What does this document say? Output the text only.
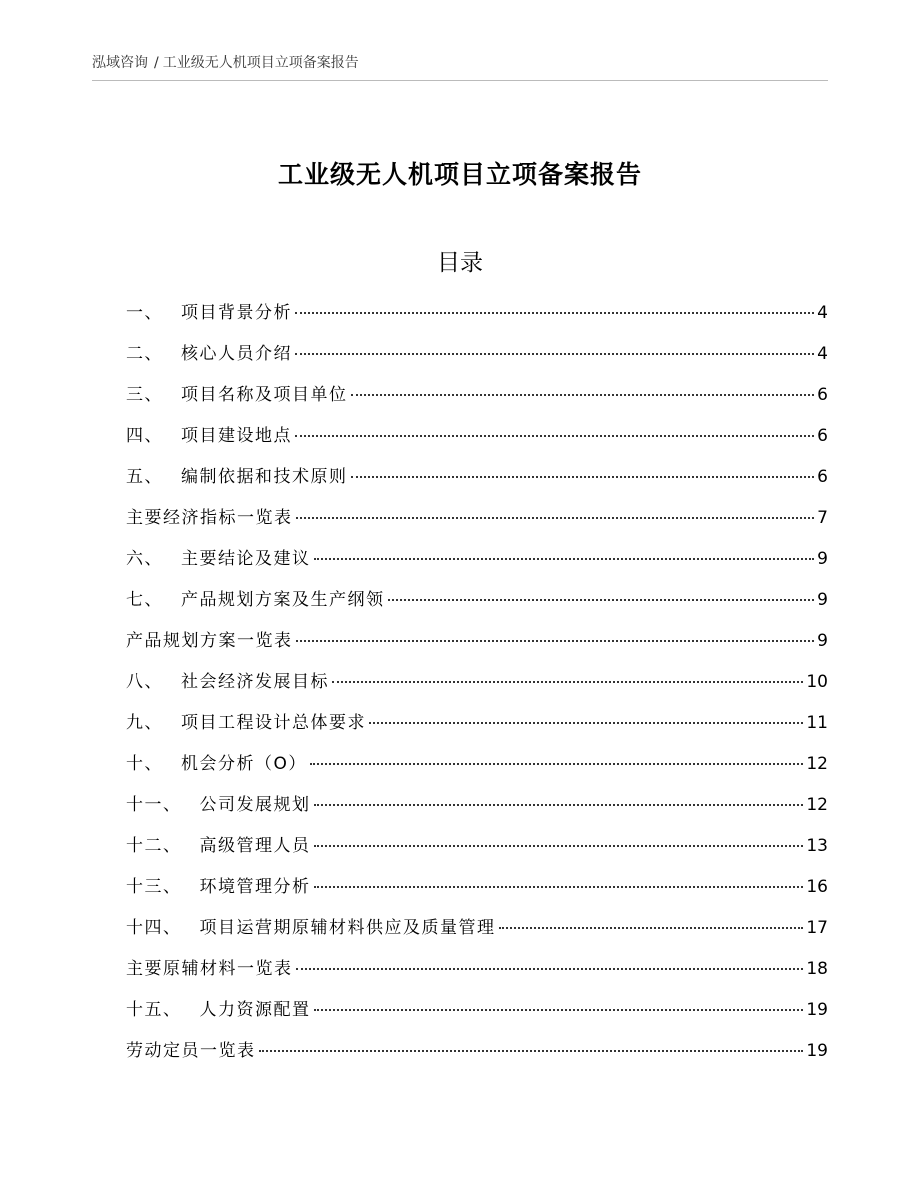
泓域咨询 / 工业级无人机项目立项备案报告
工业级无人机项目立项备案报告
目录
一、 项目背景分析	4
二、 核心人员介绍	4
三、 项目名称及项目单位	6
四、 项目建设地点	6
五、 编制依据和技术原则	6
主要经济指标一览表	7
六、 主要结论及建议	9
七、 产品规划方案及生产纲领	9
产品规划方案一览表	9
八、 社会经济发展目标	10
九、 项目工程设计总体要求	11
十、 机会分析（O）	12
十一、 公司发展规划	12
十二、 高级管理人员	13
十三、 环境管理分析	16
十四、 项目运营期原辅材料供应及质量管理	17
主要原辅材料一览表	18
十五、 人力资源配置	19
劳动定员一览表	19
